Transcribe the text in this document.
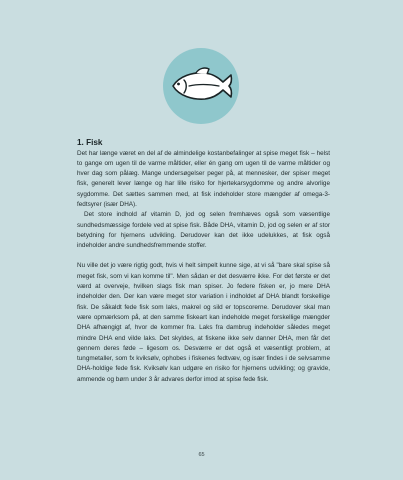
1. Fisk

Det har længe været en del af de almindelige kostanbefalinger at spise meget fisk – helst to gange om ugen til de varme måltider, eller én gang om ugen til de varme måltider og hver dag som pålæg. Mange undersøgelser peger på, at mennesker, der spiser meget fisk, generelt lever længe og har lille risiko for hjertekarsygdomme og andre alvorlige sygdomme. Det sættes sammen med, at fisk indeholder store mængder af omega-3-fedtsyrer (især DHA).

Det store indhold af vitamin D, jod og selen fremhæves også som væsentlige sundhedsmæssige fordele ved at spise fisk. Både DHA, vitamin D, jod og selen er af stor betydning for hjernens udvikling. Derudover kan det ikke udelukkes, at fisk også indeholder andre sundhedsfremmende stoffer.

Nu ville det jo være rigtig godt, hvis vi helt simpelt kunne sige, at vi så "bare skal spise så meget fisk, som vi kan komme til". Men sådan er det desværre ikke. For det første er det værd at overveje, hvilken slags fisk man spiser. Jo federe fisken er, jo mere DHA indeholder den. Der kan være meget stor variation i indholdet af DHA blandt forskellige fisk. De såkaldt fede fisk som laks, makrel og sild er topscorerne. Derudover skal man være opmærksom på, at den samme fiskeart kan indeholde meget forskellige mængder DHA afhængigt af, hvor de kommer fra. Laks fra dambrug indeholder således meget mindre DHA end vilde laks. Det skyldes, at fiskene ikke selv danner DHA, men får det gennem deres føde – ligesom os. Desværre er det også et væsentligt problem, at tungmetaller, som fx kviksølv, ophobes i fiskenes fedtvæv, og især findes i de selvsamme DHA-holdige fede fisk. Kviksølv kan udgøre en risiko for hjernens udvikling; og gravide, ammende og børn under 3 år advares derfor imod at spise fede fisk.

65
